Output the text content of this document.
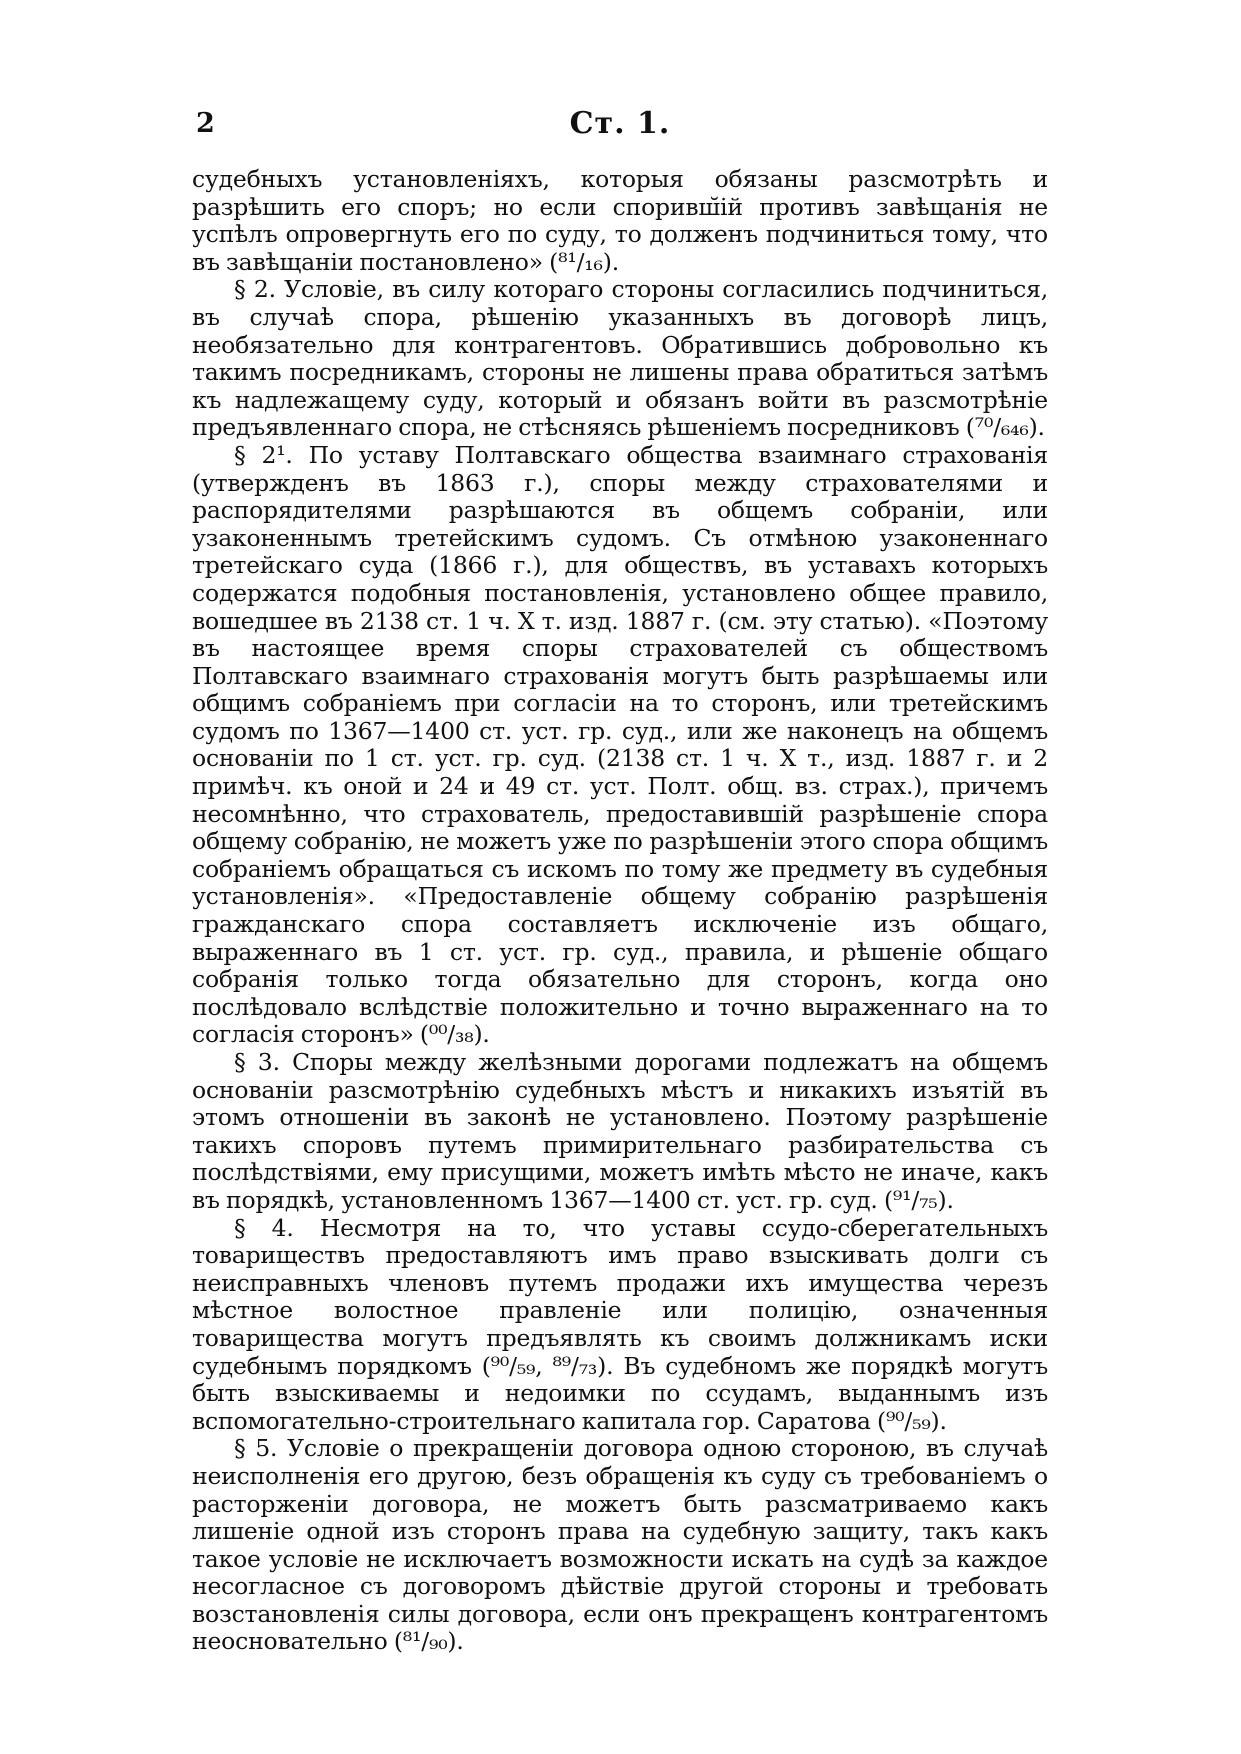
2	Ст. 1.

судебныхъ установленіяхъ, которыя обязаны разсмотрѣть и разрѣшить его споръ; но если споривш̆ій противъ завѣщанія не успѣлъ опровергнуть его по суду, то долженъ подчиниться тому, что въ завѣщаніи постановлено» (⁸¹/₁₆).

§ 2. Условіе, въ силу котораго стороны согласились подчиниться, въ случаѣ спора, рѣшенію указанныхъ въ договорѣ лицъ, необязательно для контрагентовъ. Обратившись добровольно къ такимъ посредникамъ, стороны не лишены права обратиться затѣмъ къ надлежащему суду, который и обязанъ войти въ разсмотрѣніе предъявленнаго спора, не стѣсняясь рѣшеніемъ посредниковъ (⁷⁰/₆₄₆).

§ 2¹. По уставу Полтавскаго общества взаимнаго страхованія (утвержденъ въ 1863 г.), споры между страхователями и распорядителями разрѣшаются въ общемъ собраніи, или узаконеннымъ третейскимъ судомъ. Съ отмѣною узаконеннаго третейскаго суда (1866 г.), для обществъ, въ уставахъ которыхъ содержатся подобныя постановленія, установлено общее правило, вошедшее въ 2138 ст. 1 ч. X т. изд. 1887 г. (см. эту статью). «Поэтому въ настоящее время споры страхователей съ обществомъ Полтавскаго взаимнаго страхованія могутъ быть разрѣшаемы или общимъ собраніемъ при согласіи на то сторонъ, или третейскимъ судомъ по 1367—1400 ст. уст. гр. суд., или же наконецъ на общемъ основаніи по 1 ст. уст. гр. суд. (2138 ст. 1 ч. X т., изд. 1887 г. и 2 примѣч. къ оной и 24 и 49 ст. уст. Полт. общ. вз. страх.), причемъ несомнѣнно, что страхователь, предоставившій разрѣшеніе спора общему собранію, не можетъ уже по разрѣшеніи этого спора общимъ собраніемъ обращаться съ искомъ по тому же предмету въ судебныя установленія». «Предоставленіе общему собранію разрѣшенія гражданскаго спора составляетъ исключеніе изъ общаго, выраженнаго въ 1 ст. уст. гр. суд., правила, и рѣшеніе общаго собранія только тогда обязательно для сторонъ, когда оно послѣдовало вслѣдствіе положительно и точно выраженнаго на то согласія сторонъ» (⁰⁰/₃₈).

§ 3. Споры между желѣзными дорогами подлежатъ на общемъ основаніи разсмотрѣнію судебныхъ мѣстъ и никакихъ изъятій въ этомъ отношеніи въ законѣ не установлено. Поэтому разрѣшеніе такихъ споровъ путемъ примирительнаго разбирательства съ послѣдствіями, ему присущими, можетъ имѣть мѣсто не иначе, какъ въ порядкѣ, установленномъ 1367—1400 ст. уст. гр. суд. (⁹¹/₇₅).

§ 4. Несмотря на то, что уставы ссудо-сберегательныхъ товариществъ предоставляютъ имъ право взыскивать долги съ неисправныхъ членовъ путемъ продажи ихъ имущества черезъ мѣстное волостное правленіе или полицію, означенныя товарищества могутъ предъявлять къ своимъ должникамъ иски судебнымъ порядкомъ (⁹⁰/₅₉, ⁸⁹/₇₃). Въ судебномъ же порядкѣ могутъ быть взыскиваемы и недоимки по ссудамъ, выданнымъ изъ вспомогательно-строительнаго капитала гор. Саратова (⁹⁰/₅₉).

§ 5. Условіе о прекращеніи договора одною стороною, въ случаѣ неисполненія его другою, безъ обращенія къ суду съ требованіемъ о расторженіи договора, не можетъ быть разсматриваемо какъ лишеніе одной изъ сторонъ права на судебную защиту, такъ какъ такое условіе не исключаетъ возможности искать на судѣ за каждое несогласное съ договоромъ дѣйствіе другой стороны и требовать возстановленія силы договора, если онъ прекращенъ контрагентомъ неосновательно (⁸¹/₉₀).
